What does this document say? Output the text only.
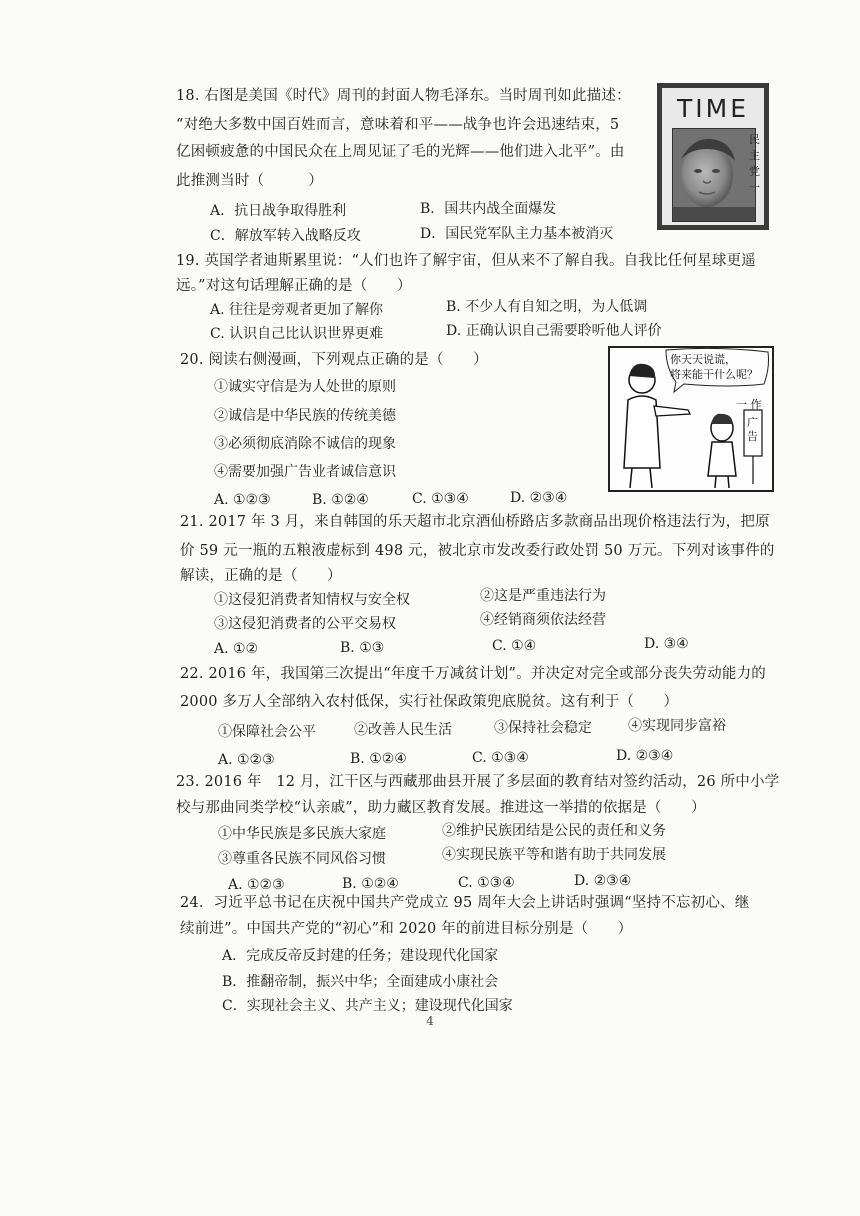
18. 右图是美国《时代》周刊的封面人物毛泽东。当时周刊如此描述：
“对绝大多数中国百姓而言，意味着和平——战争也许会迅速结束，5
亿困顿疲惫的中国民众在上周见证了毛的光辉——他们进入北平”。由
此推测当时（　　　）
A．抗日战争取得胜利	B．国共内战全面爆发
C．解放军转入战略反攻	D．国民党军队主力基本被消灭
TIME
民主党一
19. 英国学者迪斯累里说：“人们也许了解宇宙，但从来不了解自我。自我比任何星球更遥
远。”对这句话理解正确的是（　　）
A. 往往是旁观者更加了解你	B. 不少人有自知之明，为人低调
C. 认识自己比认识世界更难	D. 正确认识自己需要聆听他人评价
20. 阅读右侧漫画，下列观点正确的是（　　）
①诚实守信是为人处世的原则
②诚信是中华民族的传统美德
③必须彻底消除不诚信的现象
④需要加强广告业者诚信意识
A. ①②③	B. ①②④	C. ①③④	D. ②③④
你天天说谎，
将来能干什么呢？
一 作
广 告
21. 2017 年 3 月，来自韩国的乐天超市北京酒仙桥路店多款商品出现价格违法行为，把原
价 59 元一瓶的五粮液虚标到 498 元，被北京市发改委行政处罚 50 万元。下列对该事件的
解读，正确的是（　　）
①这侵犯消费者知情权与安全权	②这是严重违法行为
③这侵犯消费者的公平交易权	④经销商须依法经营
A. ①②	B. ①③	C. ①④	D. ③④
22. 2016 年，我国第三次提出“年度千万减贫计划”。并决定对完全或部分丧失劳动能力的
2000 多万人全部纳入农村低保，实行社保政策兜底脱贫。这有利于（　　）
①保障社会公平	②改善人民生活	③保持社会稳定	④实现同步富裕
A. ①②③	B. ①②④	C. ①③④	D. ②③④
23. 2016 年　12 月，江干区与西藏那曲县开展了多层面的教育结对签约活动，26 所中小学
校与那曲同类学校“认亲戚”，助力藏区教育发展。推进这一举措的依据是（　　）
①中华民族是多民族大家庭	②维护民族团结是公民的责任和义务
③尊重各民族不同风俗习惯	④实现民族平等和谐有助于共同发展
A. ①②③	B. ①②④	C. ①③④	D. ②③④
24．习近平总书记在庆祝中国共产党成立 95 周年大会上讲话时强调“坚持不忘初心、继
续前进”。中国共产党的“初心”和 2020 年的前进目标分别是（　　）
A．完成反帝反封建的任务；建设现代化国家
B．推翻帝制，振兴中华；全面建成小康社会
C．实现社会主义、共产主义；建设现代化国家
4
